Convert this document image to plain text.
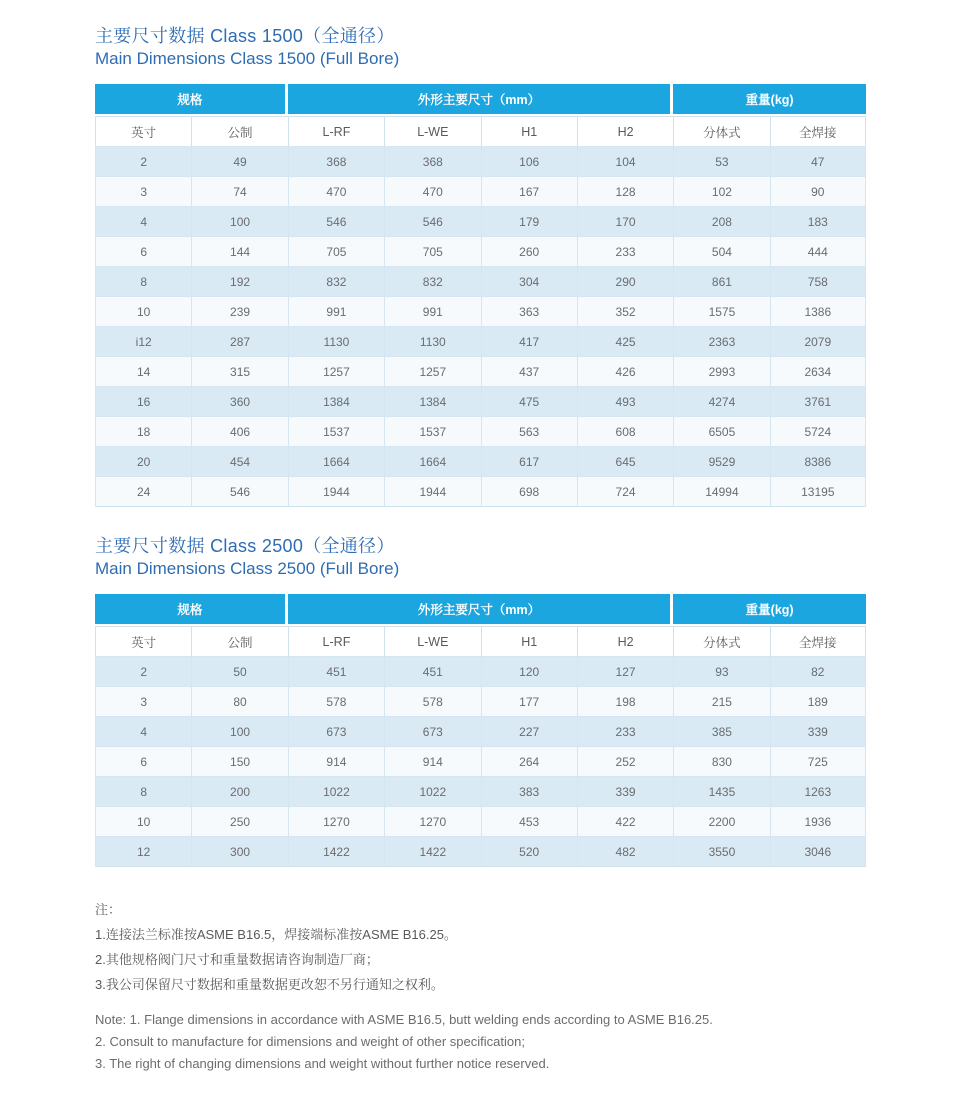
主要尺寸数据 Class 1500（全通径）
Main Dimensions Class 1500 (Full Bore)
规格		外形主要尺寸（mm）				重量(kg)	
英寸	公制	L-RF	L-WE	H1	H2	分体式	全焊接
2	49	368	368	106	104	53	47
3	74	470	470	167	128	102	90
4	100	546	546	179	170	208	183
6	144	705	705	260	233	504	444
8	192	832	832	304	290	861	758
10	239	991	991	363	352	1575	1386
i12	287	1130	1130	417	425	2363	2079
14	315	1257	1257	437	426	2993	2634
16	360	1384	1384	475	493	4274	3761
18	406	1537	1537	563	608	6505	5724
20	454	1664	1664	617	645	9529	8386
24	546	1944	1944	698	724	14994	13195
主要尺寸数据 Class 2500（全通径）
Main Dimensions Class 2500 (Full Bore)
规格		外形主要尺寸（mm）				重量(kg)	
英寸	公制	L-RF	L-WE	H1	H2	分体式	全焊接
2	50	451	451	120	127	93	82
3	80	578	578	177	198	215	189
4	100	673	673	227	233	385	339
6	150	914	914	264	252	830	725
8	200	1022	1022	383	339	1435	1263
10	250	1270	1270	453	422	2200	1936
12	300	1422	1422	520	482	3550	3046
注：
1.连接法兰标准按ASME B16.5，焊接端标准按ASME B16.25。
2.其他规格阀门尺寸和重量数据请咨询制造厂商；
3.我公司保留尺寸数据和重量数据更改恕不另行通知之权利。
Note: 1. Flange dimensions in accordance with ASME B16.5, butt welding ends according to ASME B16.25.
2. Consult to manufacture for dimensions and weight of other specification;
3. The right of changing dimensions and weight without further notice reserved.
